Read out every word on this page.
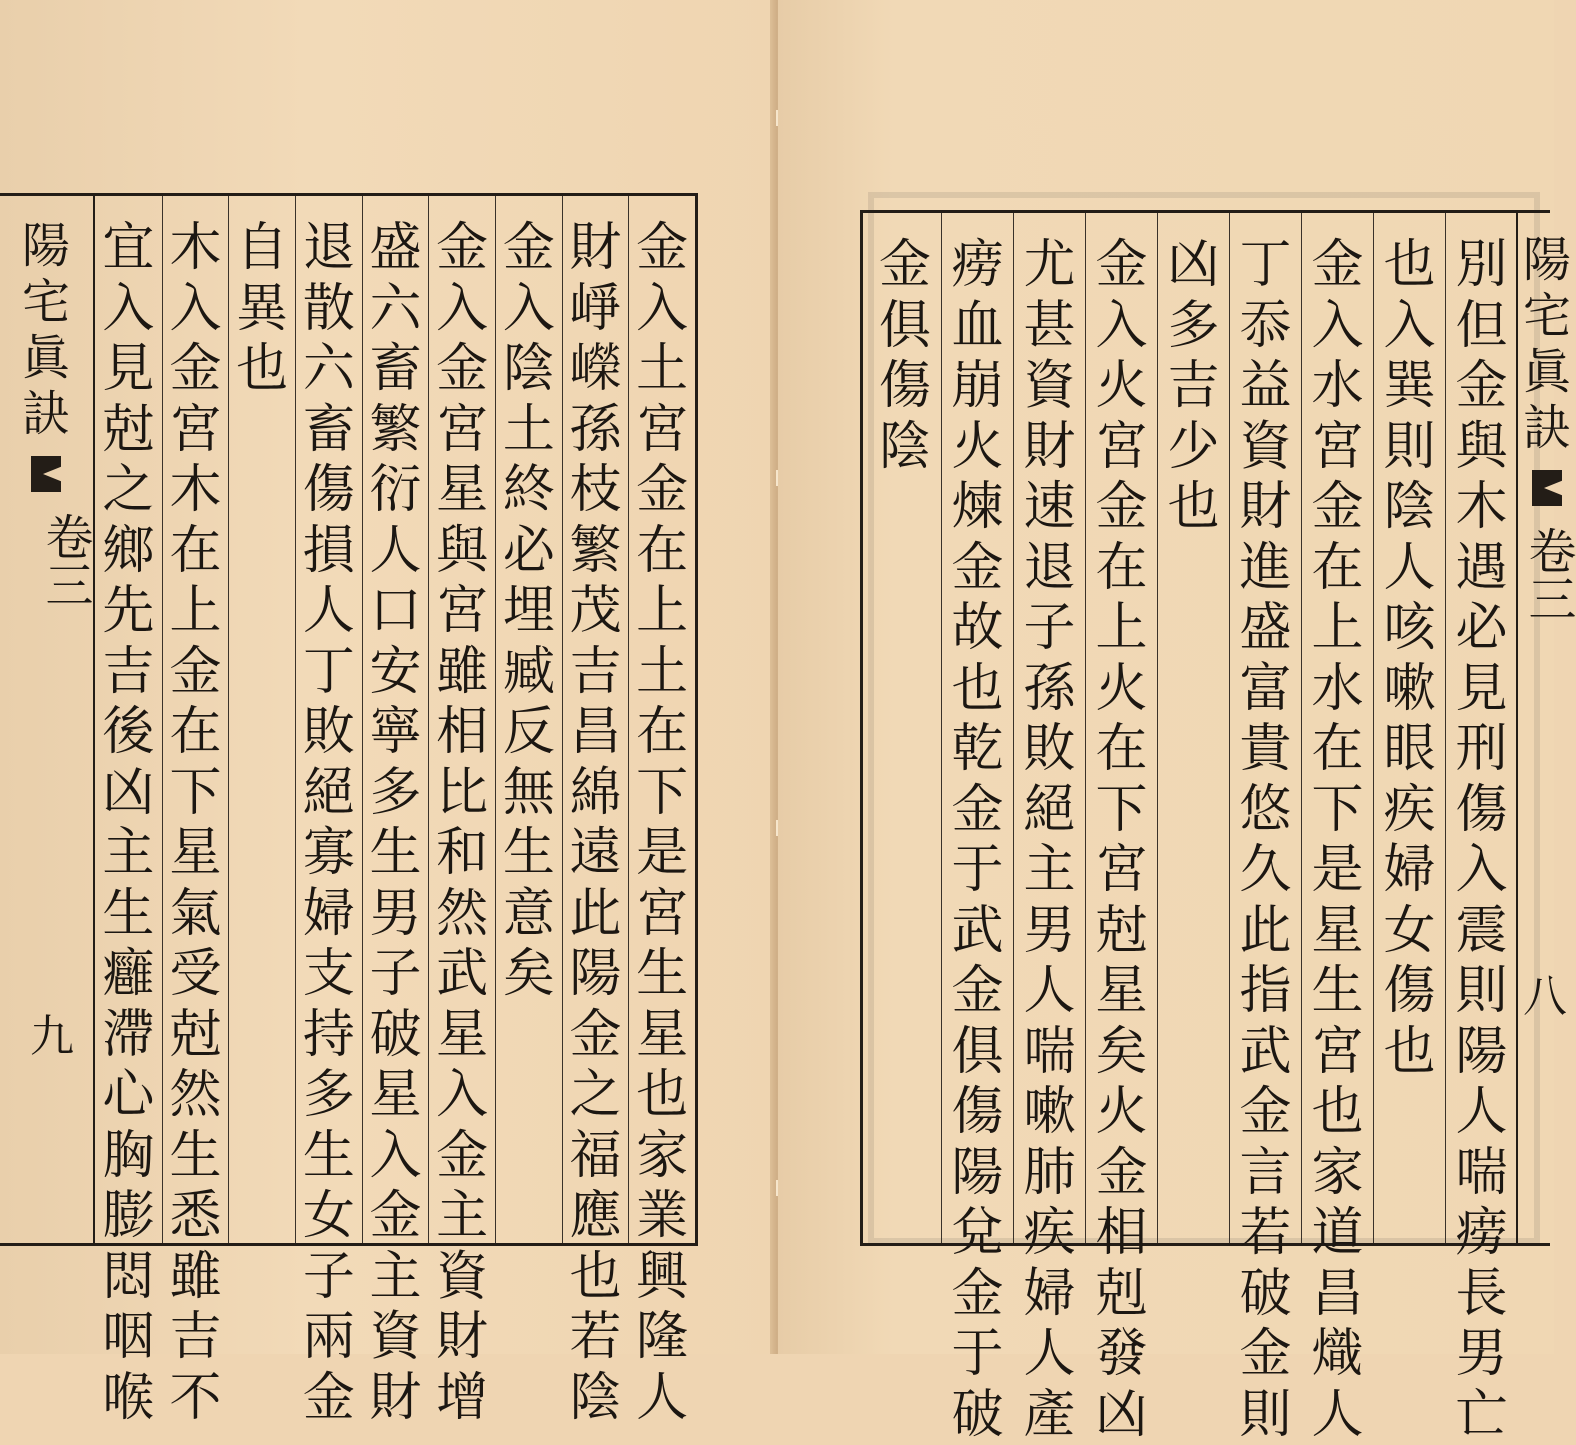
陽
宅
眞
訣
卷三
金
入
土
宮
金
在
上
土
在
下
是
宮
生
星
也
家
業
興
隆
人
財
崢
嶸
孫
枝
繁
茂
吉
昌
綿
遠
此
陽
金
之
福
應
也
若
陰
金
入
陰
土
終
必
埋
臧
反
無
生
意
矣
金
入
金
宮
星
與
宮
雖
相
比
和
然
武
星
入
金
主
資
財
增
盛
六
畜
繁
衍
人
口
安
寧
多
生
男
子
破
星
入
金
主
資
財
退
散
六
畜
傷
損
人
丁
敗
絕
寡
婦
支
持
多
生
女
子
兩
金
自
異
也
木
入
金
宮
木
在
上
金
在
下
星
氣
受
尅
然
生
悉
雖
吉
不
宜
入
見
尅
之
鄉
先
吉
後
凶
主
生
癰
滯
心
胸
膨
悶
咽
喉
九
別
但
金
與
木
遇
必
見
刑
傷
入
震
則
陽
人
喘
痨
長
男
亡
也
入
巽
則
陰
人
咳
嗽
眼
疾
婦
女
傷
也
金
入
水
宮
金
在
上
水
在
下
是
星
生
宮
也
家
道
昌
熾
人
丁
忝
益
資
財
進
盛
富
貴
悠
久
此
指
武
金
言
若
破
金
則
凶
多
吉
少
也
金
入
火
宮
金
在
上
火
在
下
宮
尅
星
矣
火
金
相
剋
發
凶
尤
甚
資
財
速
退
子
孫
敗
絕
主
男
人
喘
嗽
肺
疾
婦
人
產
痨
血
崩
火
煉
金
故
也
乾
金
于
武
金
俱
傷
陽
兌
金
于
破
金
俱
傷
陰
陽
宅
眞
訣
卷三
八
